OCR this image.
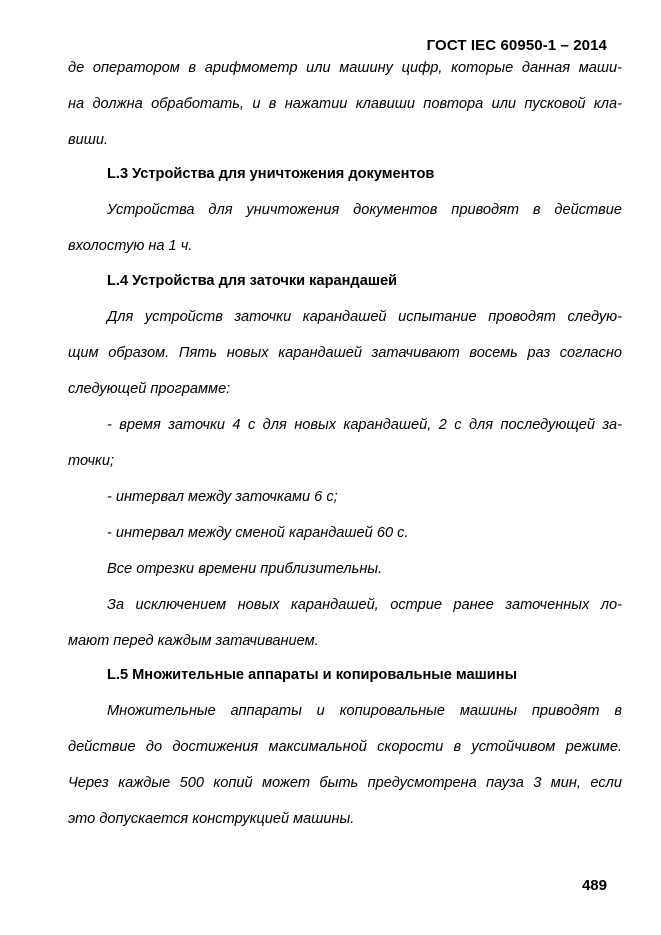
ГОСТ IEC 60950-1 – 2014
де оператором в арифмометр или машину цифр, которые данная маши-
на должна обработать, и в нажатии клавиши повтора или пусковой кла-
виши.
L.3 Устройства для уничтожения документов
Устройства для уничтожения документов приводят в действие
вхолостую на 1 ч.
L.4 Устройства для заточки карандашей
Для устройств заточки карандашей испытание проводят следую-
щим образом. Пять новых карандашей затачивают восемь раз согласно
следующей программе:
- время заточки 4 с для новых карандашей, 2 с для последующей за-
точки;
- интервал между заточками 6 с;
- интервал между сменой карандашей 60 с.
Все отрезки времени приблизительны.
За исключением новых карандашей, острие ранее заточенных ло-
мают перед каждым затачиванием.
L.5 Множительные аппараты и копировальные машины
Множительные аппараты и копировальные машины приводят в
действие до достижения максимальной скорости в устойчивом режиме.
Через каждые 500 копий может быть предусмотрена пауза 3 мин, если
это допускается конструкцией машины.
489
